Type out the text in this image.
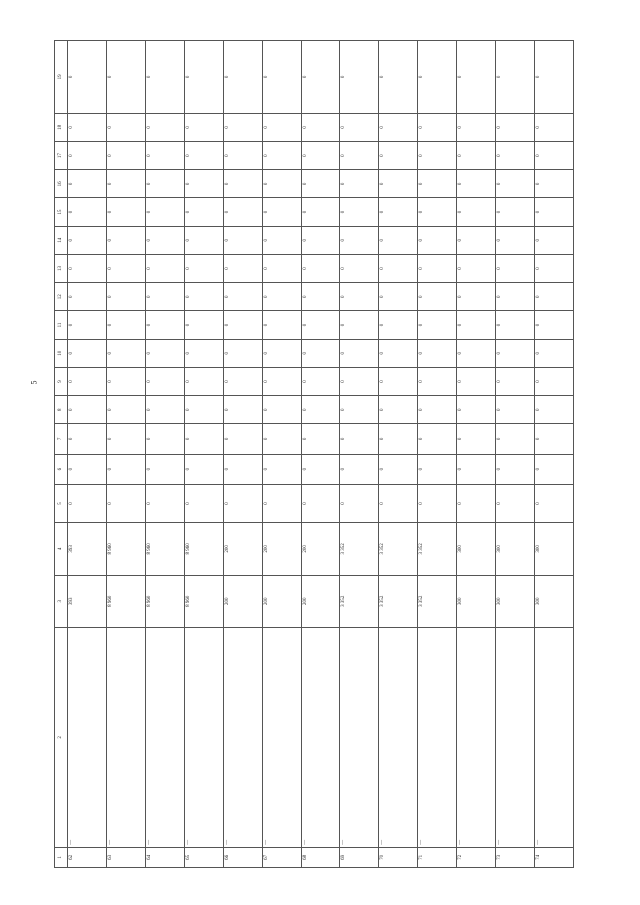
5
1	2	3	4	5	6	7	8	9	10	11	12	13	14	15	16	17	18	19
62	—	393	393	0	0	0	0	0	0	0	0	0	0	0	0	0	0	0
63	—	8 960	8 960	0	0	0	0	0	0	0	0	0	0	0	0	0	0	0
64	—	8 960	8 960	0	0	0	0	0	0	0	0	0	0	0	0	0	0	0
65	—	8 960	8 960	0	0	0	0	0	0	0	0	0	0	0	0	0	0	0
66	—	200	200	0	0	0	0	0	0	0	0	0	0	0	0	0	0	0
67	—	200	200	0	0	0	0	0	0	0	0	0	0	0	0	0	0	0
68	—	200	200	0	0	0	0	0	0	0	0	0	0	0	0	0	0	0
69	—	3 352	3 352	0	0	0	0	0	0	0	0	0	0	0	0	0	0	0
70	—	3 352	3 352	0	0	0	0	0	0	0	0	0	0	0	0	0	0	0
71	—	3 352	3 352	0	0	0	0	0	0	0	0	0	0	0	0	0	0	0
72	—	300	300	0	0	0	0	0	0	0	0	0	0	0	0	0	0	0
73	—	300	300	0	0	0	0	0	0	0	0	0	0	0	0	0	0	0
74	—	300	300	0	0	0	0	0	0	0	0	0	0	0	0	0	0	0
